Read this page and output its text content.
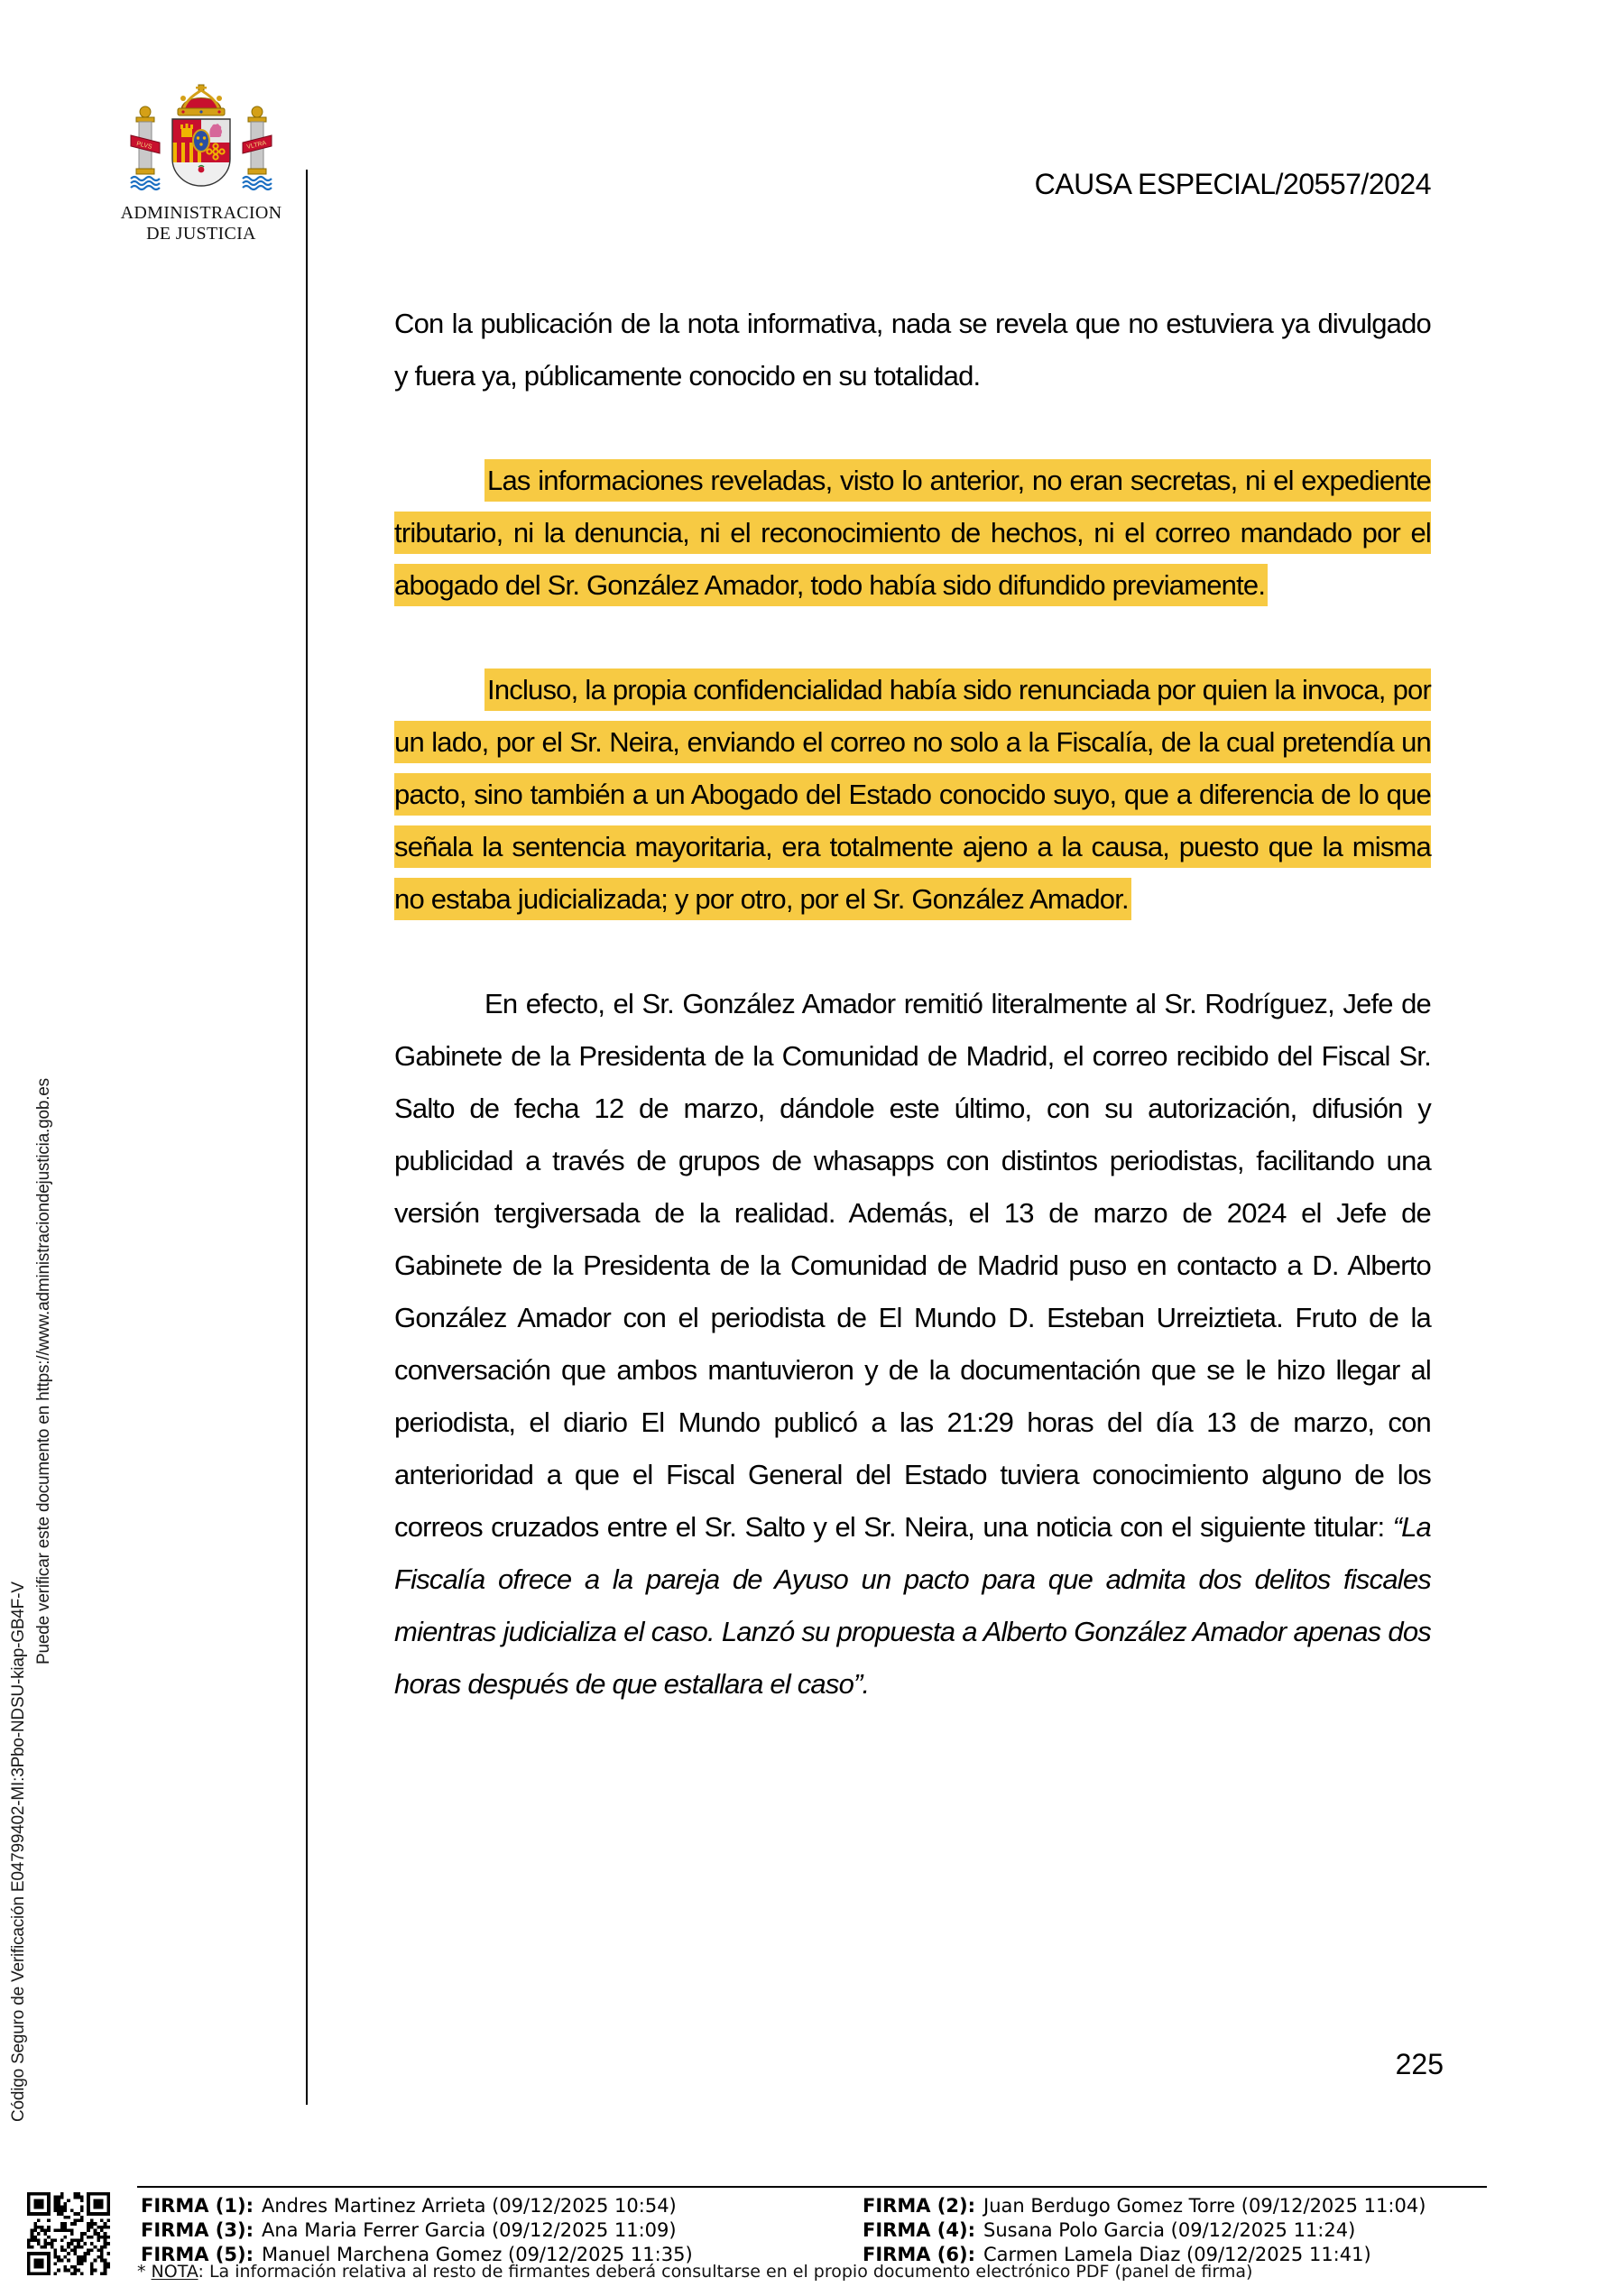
PLVS	VLTRA
ADMINISTRACION
DE JUSTICIA
CAUSA ESPECIAL/20557/2024
Código Seguro de Verificación E04799402-MI:3Pbo-NDSU-kiap-GB4F-V
Puede verificar este documento en https://www.administraciondejusticia.gob.es

Con la publicación de la nota informativa, nada se revela que no estuviera ya divulgado y fuera ya, públicamente conocido en su totalidad.

Las informaciones reveladas, visto lo anterior, no eran secretas, ni el expediente tributario, ni la denuncia, ni el reconocimiento de hechos, ni el correo mandado por el abogado del Sr. González Amador, todo había sido difundido previamente.

Incluso, la propia confidencialidad había sido renunciada por quien la invoca, por un lado, por el Sr. Neira, enviando el correo no solo a la Fiscalía, de la cual pretendía un pacto, sino también a un Abogado del Estado conocido suyo, que a diferencia de lo que señala la sentencia mayoritaria, era totalmente ajeno a la causa, puesto que la misma no estaba judicializada; y por otro, por el Sr. González Amador.

En efecto, el Sr. González Amador remitió literalmente al Sr. Rodríguez, Jefe de Gabinete de la Presidenta de la Comunidad de Madrid, el correo recibido del Fiscal Sr. Salto de fecha 12 de marzo, dándole este último, con su autorización, difusión y publicidad a través de grupos de whasapps con distintos periodistas, facilitando una versión tergiversada de la realidad. Además, el 13 de marzo de 2024 el Jefe de Gabinete de la Presidenta de la Comunidad de Madrid puso en contacto a D. Alberto González Amador con el periodista de El Mundo D. Esteban Urreiztieta. Fruto de la conversación que ambos mantuvieron y de la documentación que se le hizo llegar al periodista, el diario El Mundo publicó a las 21:29 horas del día 13 de marzo, con anterioridad a que el Fiscal General del Estado tuviera conocimiento alguno de los correos cruzados entre el Sr. Salto y el Sr. Neira, una noticia con el siguiente titular: “La Fiscalía ofrece a la pareja de Ayuso un pacto para que admita dos delitos fiscales mientras judicializa el caso. Lanzó su propuesta a Alberto González Amador apenas dos horas después de que estallara el caso”.

225
FIRMA (1): Andres Martinez Arrieta (09/12/2025 10:54)	FIRMA (2): Juan Berdugo Gomez Torre (09/12/2025 11:04)
FIRMA (3): Ana Maria Ferrer Garcia (09/12/2025 11:09)	FIRMA (4): Susana Polo Garcia (09/12/2025 11:24)
FIRMA (5): Manuel Marchena Gomez (09/12/2025 11:35)	FIRMA (6): Carmen Lamela Diaz (09/12/2025 11:41)
* NOTA: La información relativa al resto de firmantes deberá consultarse en el propio documento electrónico PDF (panel de firma)
